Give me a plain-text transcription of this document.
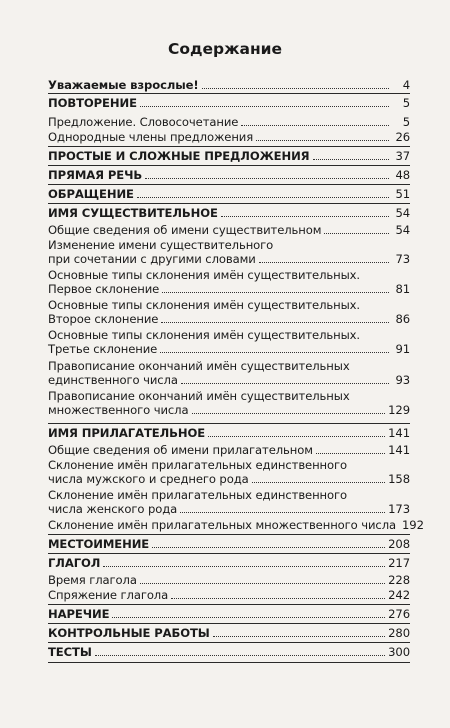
Содержание
Уважаемые взрослые!	4
ПОВТОРЕНИЕ	5
Предложение. Словосочетание	5
Однородные члены предложения	26
ПРОСТЫЕ И СЛОЖНЫЕ ПРЕДЛОЖЕНИЯ	37
ПРЯМАЯ РЕЧЬ	48
ОБРАЩЕНИЕ	51
ИМЯ СУЩЕСТВИТЕЛЬНОЕ	54
Общие сведения об имени существительном	54
Изменение имени существительного
при сочетании с другими словами	73
Основные типы склонения имён существительных.
Первое склонение	81
Основные типы склонения имён существительных.
Второе склонение	86
Основные типы склонения имён существительных.
Третье склонение	91
Правописание окончаний имён существительных
единственного числа	93
Правописание окончаний имён существительных
множественного числа	129
ИМЯ ПРИЛАГАТЕЛЬНОЕ	141
Общие сведения об имени прилагательном	141
Склонение имён прилагательных единственного
числа мужского и среднего рода	158
Склонение имён прилагательных единственного
числа женского рода	173
Склонение имён прилагательных множественного числа 192
МЕСТОИМЕНИЕ	208
ГЛАГОЛ	217
Время глагола	228
Спряжение глагола	242
НАРЕЧИЕ	276
КОНТРОЛЬНЫЕ РАБОТЫ	280
ТЕСТЫ	300
